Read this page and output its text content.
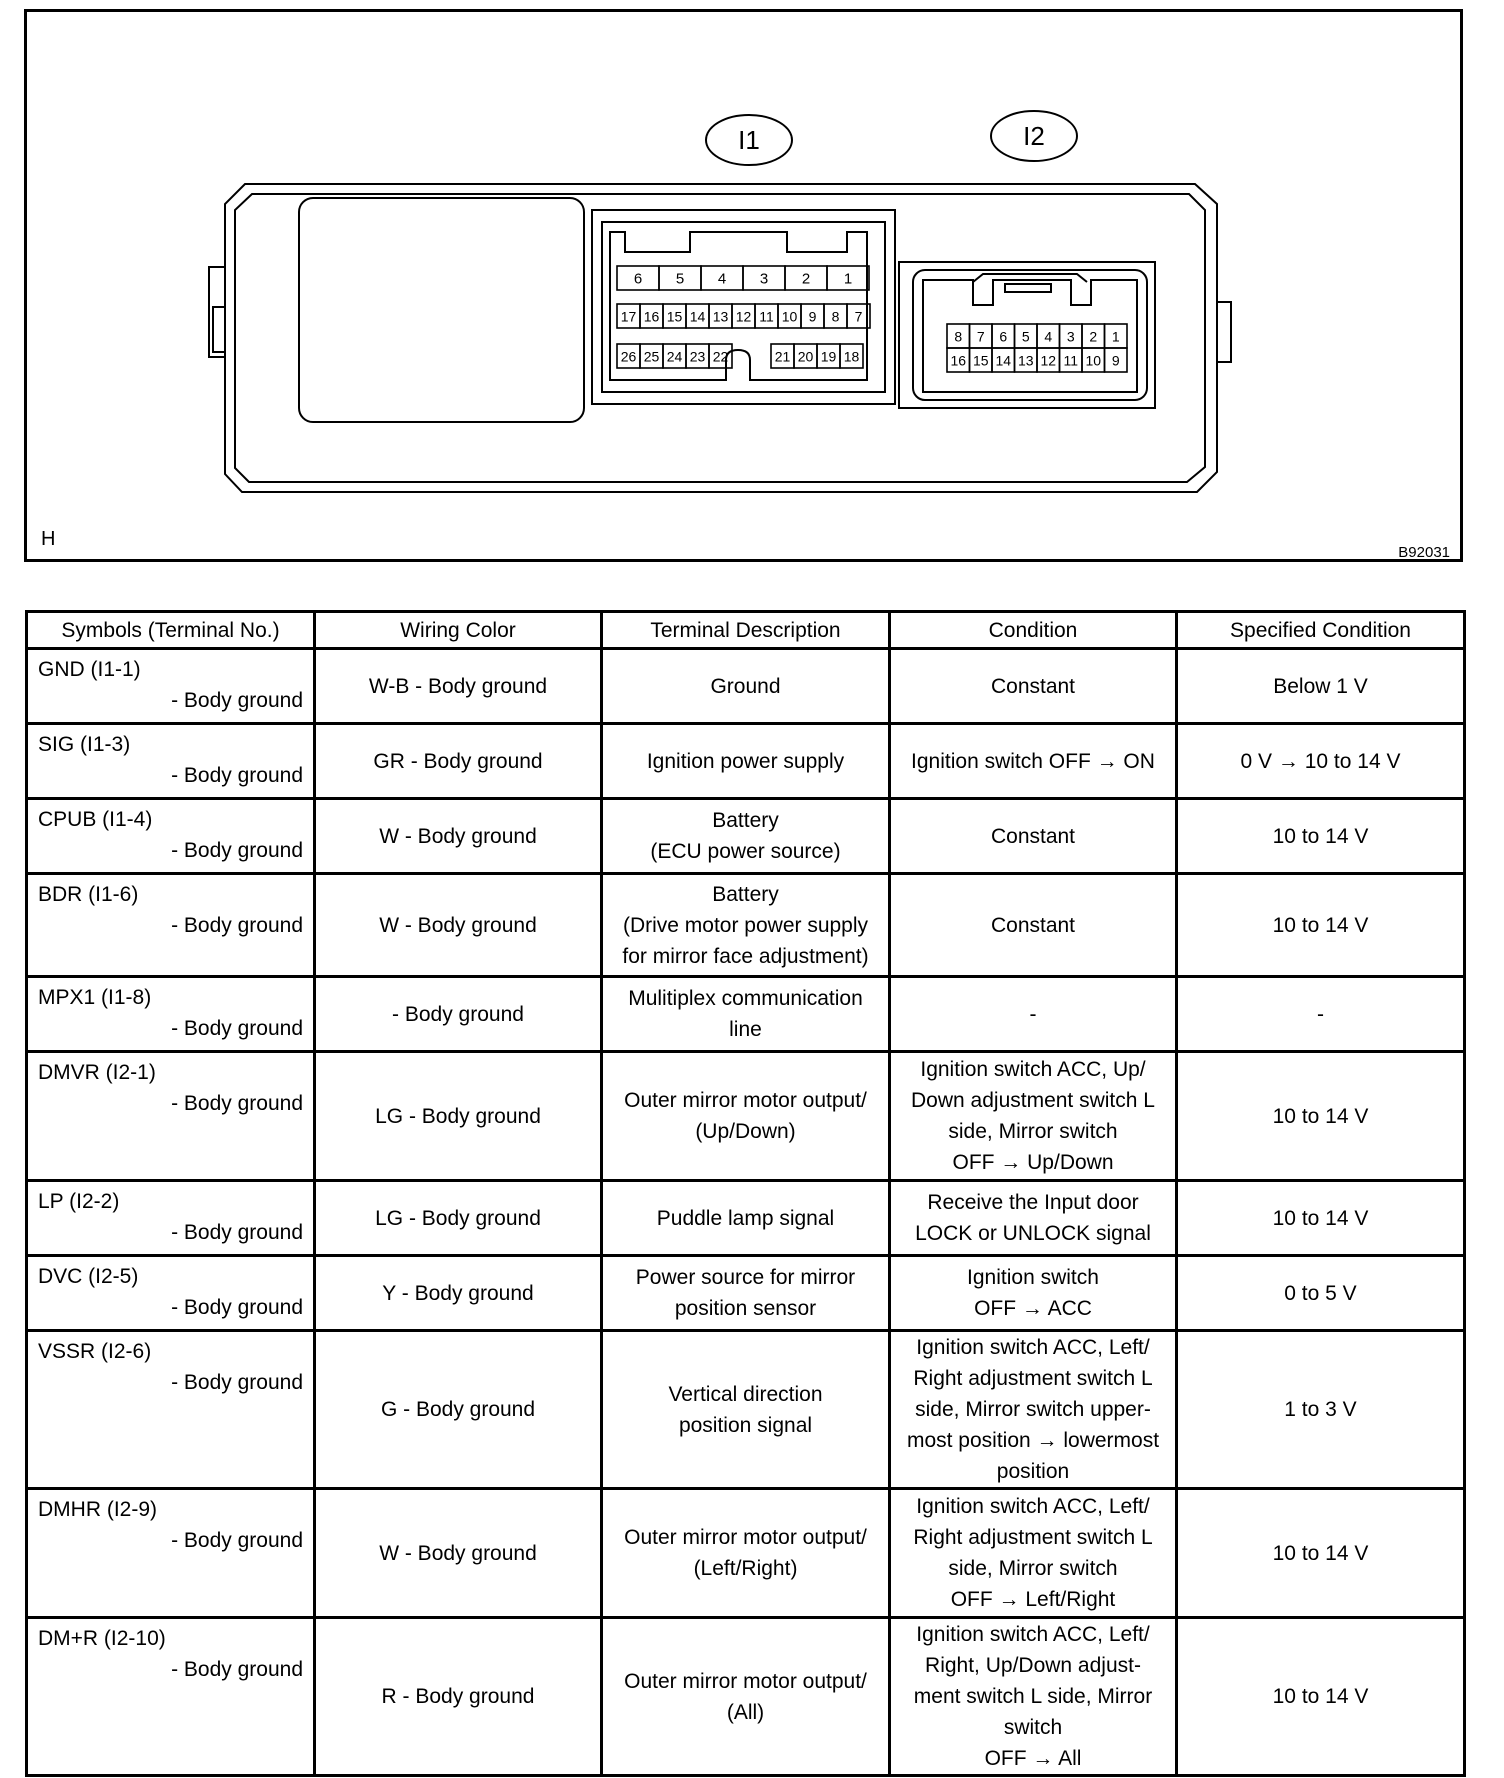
6 5 4 3 2 1
17 16 15 14 13 12 11 10 9 8 7
26 25 24 23 22	21 20 19 18
8 7 6 5 4 3 2 1
16 15 14 13 12 11 10 9
I1	I2
H
B92031
Symbols (Terminal No.)	Wiring Color	Terminal Description	Condition	Specified Condition

GND (I1-1)
- Body ground	W-B - Body ground	Ground	Constant	Below 1 V

SIG (I1-3)
- Body ground	GR - Body ground	Ignition power supply	Ignition switch OFF → ON	0 V → 10 to 14 V

CPUB (I1-4)
- Body ground	W - Body ground	Battery
(ECU power source)	Constant	10 to 14 V

BDR (I1-6)
- Body ground	W - Body ground	Battery
(Drive motor power supply
for mirror face adjustment)	Constant	10 to 14 V

MPX1 (I1-8)
- Body ground	- Body ground	Mulitiplex communication
line	-	-

DMVR (I2-1)
- Body ground	LG - Body ground	Outer mirror motor output/
(Up/Down)	Ignition switch ACC, Up/
Down adjustment switch L
side, Mirror switch
OFF → Up/Down	10 to 14 V

LP (I2-2)
- Body ground	LG - Body ground	Puddle lamp signal	Receive the Input door
LOCK or UNLOCK signal	10 to 14 V

DVC (I2-5)
- Body ground	Y - Body ground	Power source for mirror
position sensor	Ignition switch
OFF → ACC	0 to 5 V

VSSR (I2-6)
- Body ground	G - Body ground	Vertical direction
position signal	Ignition switch ACC, Left/
Right adjustment switch L
side, Mirror switch upper-
most position → lowermost
position	1 to 3 V

DMHR (I2-9)
- Body ground	W - Body ground	Outer mirror motor output/
(Left/Right)	Ignition switch ACC, Left/
Right adjustment switch L
side, Mirror switch
OFF → Left/Right	10 to 14 V

DM+R (I2-10)
- Body ground	R - Body ground	Outer mirror motor output/
(All)	Ignition switch ACC, Left/
Right, Up/Down adjust-
ment switch L side, Mirror
switch
OFF → All	10 to 14 V
